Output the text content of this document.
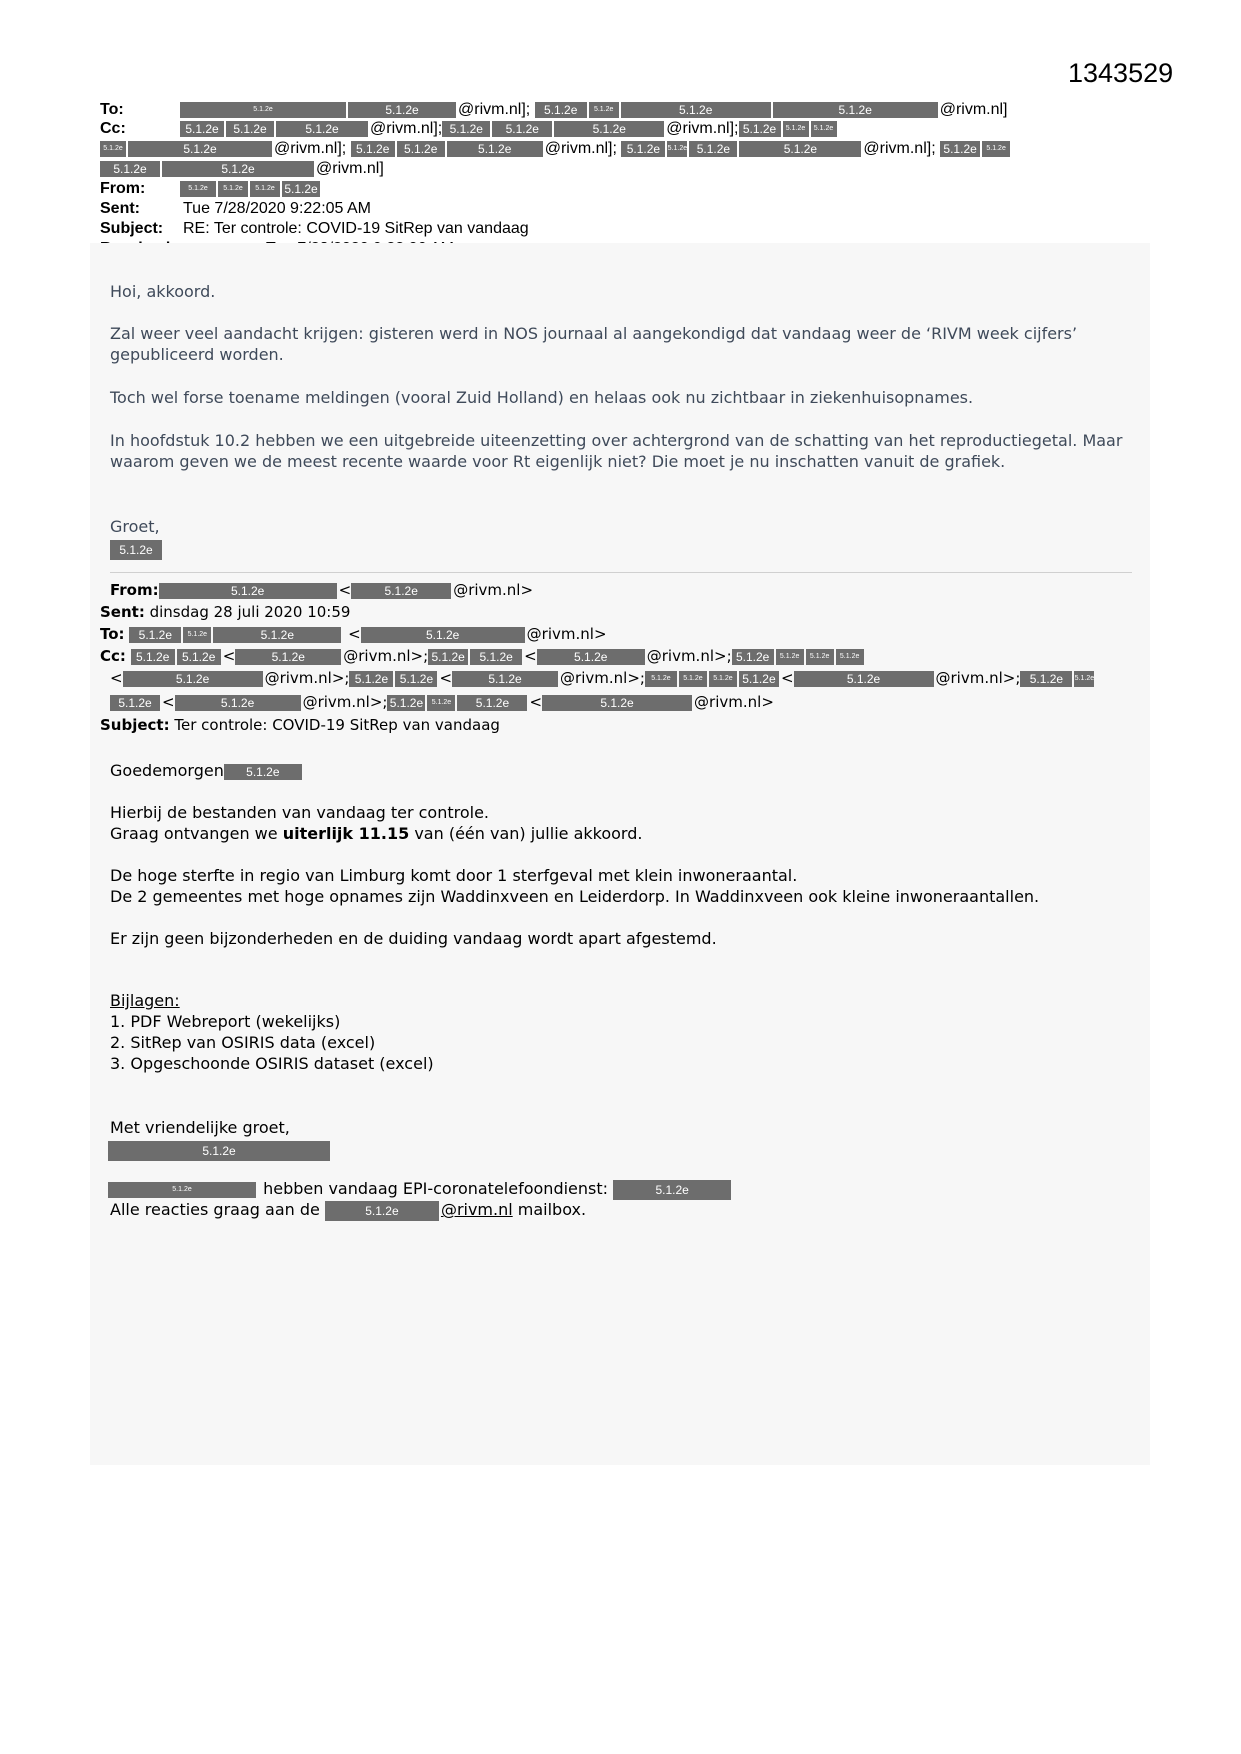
1343529
To:	5.1.2e	5.1.2e @rivm.nl]; 5.1.2e 5.1.2e	5.1.2e	5.1.2e	@rivm.nl]
Cc:	5.1.2e 5.1.2e	5.1.2e @rivm.nl]; 5.1.2e 5.1.2e	5.1.2e	@rivm.nl]; 5.1.2e 5.1.2e 5.1.2e
5.1.2e	5.1.2e	@rivm.nl]; 5.1.2e 5.1.2e	5.1.2e @rivm.nl]; 5.1.2e 5.1.2e 5.1.2e	5.1.2e	@rivm.nl]; 5.1.2e 5.1.2e
5.1.2e	5.1.2e	@rivm.nl]
From:	5.1.2e 5.1.2e 5.1.2e 5.1.2e
Sent:	Tue 7/28/2020 9:22:05 AM
Subject: RE: Ter controle: COVID-19 SitRep van vandaag
Hoi, akkoord.
Zal weer veel aandacht krijgen: gisteren werd in NOS journaal al aangekondigd dat vandaag weer de ‘RIVM week cijfers’ gepubliceerd worden.
Toch wel forse toename meldingen (vooral Zuid Holland) en helaas ook nu zichtbaar in ziekenhuisopnames.
In hoofdstuk 10.2 hebben we een uitgebreide uiteenzetting over achtergrond van de schatting van het reproductiegetal. Maar waarom geven we de meest recente waarde voor Rt eigenlijk niet? Die moet je nu inschatten vanuit de grafiek.
Groet,
5.1.2e
From:	5.1.2e	<	5.1.2e @rivm.nl>
Sent: dinsdag 28 juli 2020 10:59
To: 5.1.2e 5.1.2e	5.1.2e	<	5.1.2e	@rivm.nl>
Cc: 5.1.2e 5.1.2e <	5.1.2e	@rivm.nl>; 5.1.2e 5.1.2e <	5.1.2e	@rivm.nl>; 5.1.2e 5.1.2e 5.1.2e 5.1.2e
<	5.1.2e	@rivm.nl>; 5.1.2e 5.1.2e <	5.1.2e	@rivm.nl>; 5.1.2e 5.1.2e 5.1.2e 5.1.2e <	5.1.2e	@rivm.nl>; 5.1.2e 5.1.2e
5.1.2e <	5.1.2e	@rivm.nl>; 5.1.2e 5.1.2e 5.1.2e <	5.1.2e	@rivm.nl>
Subject: Ter controle: COVID-19 SitRep van vandaag
Goedemorgen 5.1.2e
Hierbij de bestanden van vandaag ter controle.
Graag ontvangen we uiterlijk 11.15 van (één van) jullie akkoord.
De hoge sterfte in regio van Limburg komt door 1 sterfgeval met klein inwoneraantal.
De 2 gemeentes met hoge opnames zijn Waddinxveen en Leiderdorp. In Waddinxveen ook kleine inwoneraantallen.
Er zijn geen bijzonderheden en de duiding vandaag wordt apart afgestemd.
Bijlagen:
1. PDF Webreport (wekelijks)
2. SitRep van OSIRIS data (excel)
3. Opgeschoonde OSIRIS dataset (excel)
Met vriendelijke groet,
5.1.2e
5.1.2e	hebben vandaag EPI-coronatelefoondienst:	5.1.2e
Alle reacties graag aan de	5.1.2e	@rivm.nl mailbox.
